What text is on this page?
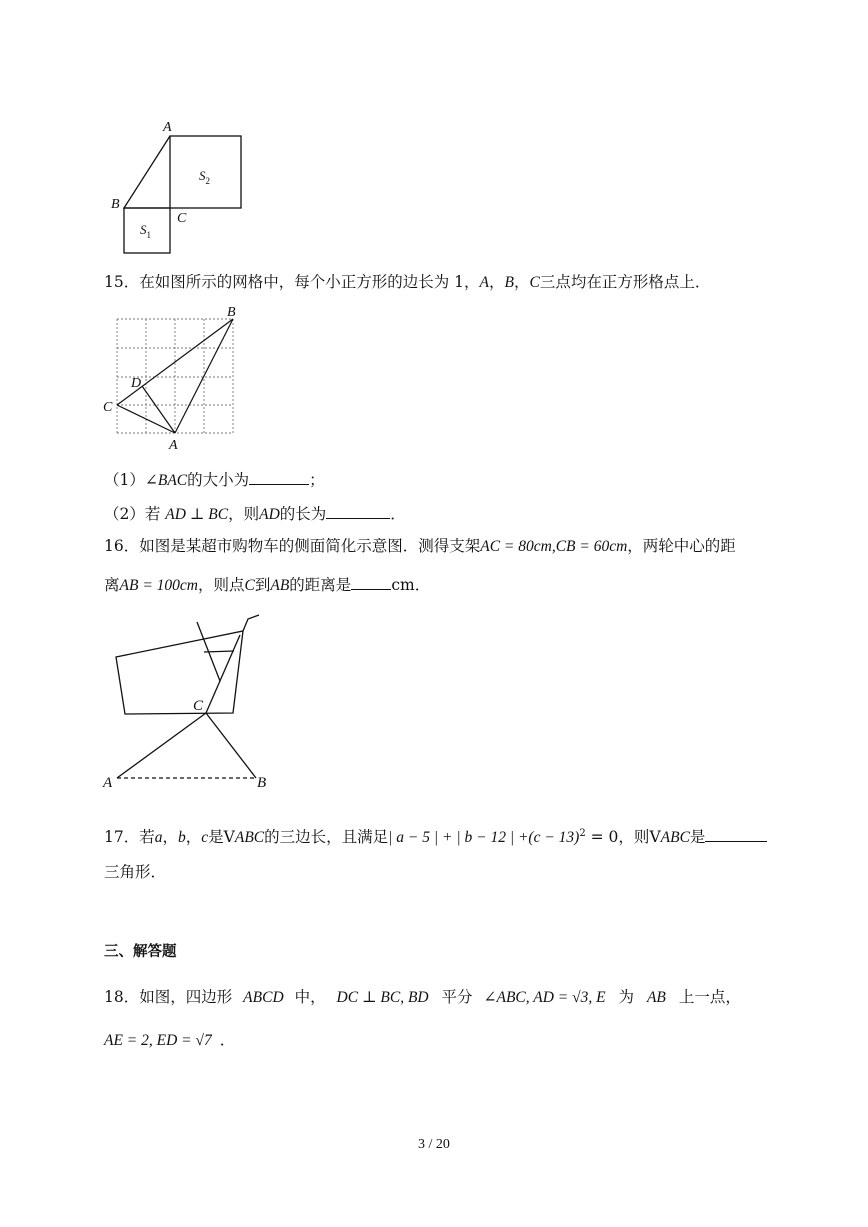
A
B
C
$S_2$
$S_1$
15．在如图所示的网格中，每个小正方形的边长为 1，A，B，C三点均在正方形格点上．
B
C
D
A
（1）∠BAC的大小为	；
（2）若 AD ⊥ BC，则AD的长为	．
16．如图是某超市购物车的侧面简化示意图．测得支架AC = 80cm,CB = 60cm，两轮中心的距
离AB = 100cm，则点C到AB的距离是	cm．
C
A	B
17．若a，b，c是VABC的三边长，且满足| a − 5 | + | b − 12 | $+(c - 13)^2 = 0$，则VABC是
三角形．
三、解答题
18．如图，四边形 ABCD 中， DC ⊥ BC, BD 平分 ∠ABC, AD = √3, E 为 AB 上一点，
AE = 2, ED = √7 ．
3 / 20
